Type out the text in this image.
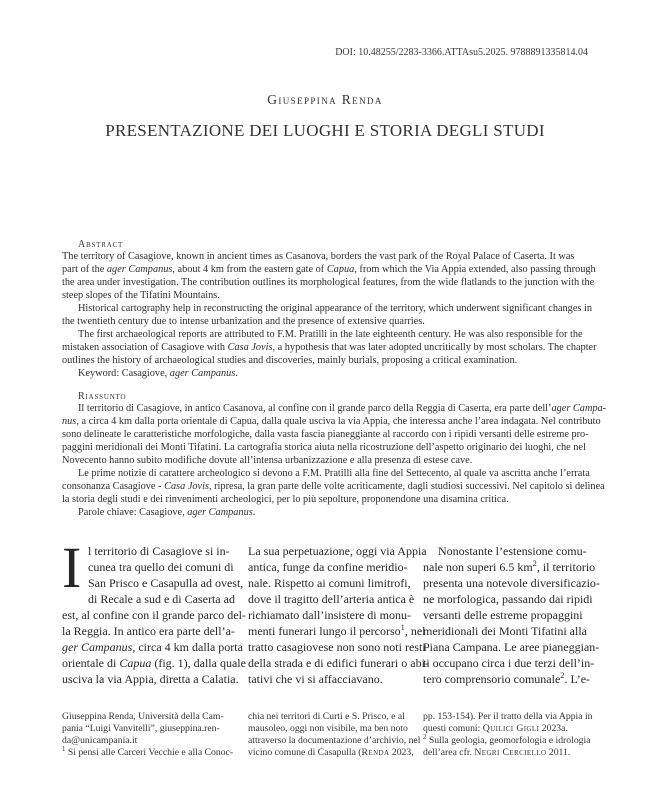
DOI: 10.48255/2283-3366.ATTAsu5.2025. 9788891335814.04
Giuseppina Renda
PRESENTAZIONE DEI LUOGHI E STORIA DEGLI STUDI
Abstract
The territory of Casagiove, known in ancient times as Casanova, borders the vast park of the Royal Palace of Caserta. It was
part of the ager Campanus, about 4 km from the eastern gate of Capua, from which the Via Appia extended, also passing through
the area under investigation. The contribution outlines its morphological features, from the wide flatlands to the junction with the
steep slopes of the Tifatini Mountains.
Historical cartography help in reconstructing the original appearance of the territory, which underwent significant changes in
the twentieth century due to intense urbanization and the presence of extensive quarries.
The first archaeological reports are attributed to F.M. Pratilli in the late eighteenth century. He was also responsible for the
mistaken association of Casagiove with Casa Jovis, a hypothesis that was later adopted uncritically by most scholars. The chapter
outlines the history of archaeological studies and discoveries, mainly burials, proposing a critical examination.
Keyword: Casagiove, ager Campanus.
Riassunto
Il territorio di Casagiove, in antico Casanova, al confine con il grande parco della Reggia di Caserta, era parte dell’ager Campa-
nus, a circa 4 km dalla porta orientale di Capua, dalla quale usciva la via Appia, che interessa anche l’area indagata. Nel contributo
sono delineate le caratteristiche morfologiche, dalla vasta fascia pianeggiante al raccordo con i ripidi versanti delle estreme pro-
paggini meridionali dei Monti Tifatini. La cartografia storica aiuta nella ricostruzione dell’aspetto originario dei luoghi, che nel
Novecento hanno subito modifiche dovute all’intensa urbanizzazione e alla presenza di estese cave.
Le prime notizie di carattere archeologico si devono a F.M. Pratilli alla fine del Settecento, al quale va ascritta anche l’errata
consonanza Casagiove - Casa Jovis, ripresa, la gran parte delle volte acriticamente, dagli studiosi successivi. Nel capitolo si delinea
la storia degli studi e dei rinvenimenti archeologici, per lo più sepolture, proponendone una disamina critica.
Parole chiave: Casagiove, ager Campanus.
I l territorio di Casagiove si in-
cunea tra quello dei comuni di
San Prisco e Casapulla ad ovest,
di Recale a sud e di Caserta ad
est, al confine con il grande parco del-
la Reggia. In antico era parte dell’a-
ger Campanus, circa 4 km dalla porta
orientale di Capua (fig. 1), dalla quale
usciva la via Appia, diretta a Calatia.
La sua perpetuazione, oggi via Appia
antica, funge da confine meridio-
nale. Rispetto ai comuni limitrofi,
dove il tragitto dell’arteria antica è
richiamato dall’insistere di monu-
menti funerari lungo il percorso$^1$, nel
tratto casagiovese non sono noti resti
della strada e di edifici funerari o abi-
tativi che vi si affacciavano.
Nonostante l’estensione comu-
nale non superi 6.5 $km^2$, il territorio
presenta una notevole diversificazio-
ne morfologica, passando dai ripidi
versanti delle estreme propaggini
meridionali dei Monti Tifatini alla
Piana Campana. Le aree pianeggian-
ti occupano circa i due terzi dell’in-
tero comprensorio comunale$^2$. L’e-
Giuseppina Renda, Università della Cam-
pania “Luigi Vanvitelli”, giuseppina.ren-
da@unicampania.it
$^1$ Si pensi alle Carceri Vecchie e alla Conoc-
chia nei territori di Curti e S. Prisco, e al
mausoleo, oggi non visibile, ma ben noto
attraverso la documentazione d’archivio, nel
vicino comune di Casapulla (Renda 2023,
pp. 153-154). Per il tratto della via Appia in
questi comuni: Quilici Gigli 2023a.
$^2$ Sulla geologia, geomorfologia e idrologia
dell’area cfr. Negri Cerciello 2011.
